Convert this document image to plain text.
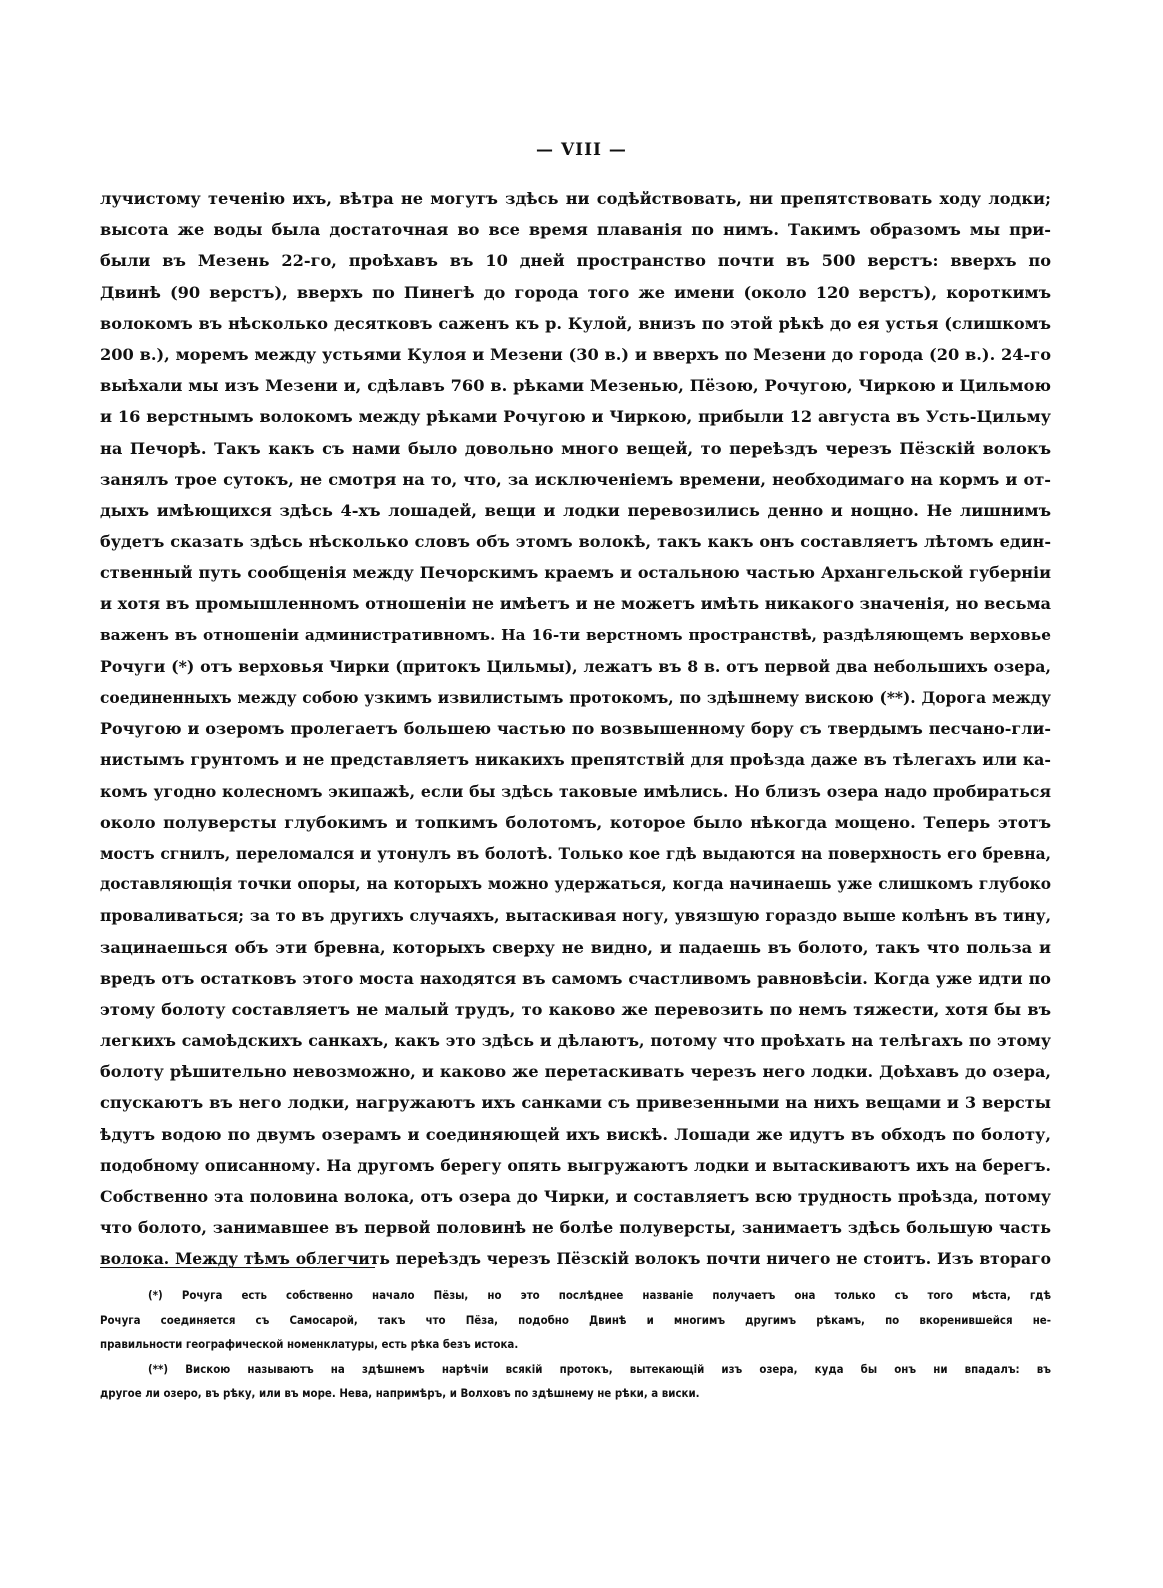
— VIII —
лучистому теченію ихъ, вѣтра не могутъ здѣсь ни содѣйствовать, ни препятствовать ходу лодки;
высота же воды была достаточная во все время плаванія по нимъ. Такимъ образомъ мы при-
были въ Мезень 22-го, проѣхавъ въ 10 дней пространство почти въ 500 верстъ: вверхъ по
Двинѣ (90 верстъ), вверхъ по Пинегѣ до города того же имени (около 120 верстъ), короткимъ
волокомъ въ нѣсколько десятковъ саженъ къ р. Кулой, внизъ по этой рѣкѣ до ея устья (слишкомъ
200 в.), моремъ между устьями Кулоя и Мезени (30 в.) и вверхъ по Мезени до города (20 в.). 24-го
выѣхали мы изъ Мезени и, сдѣлавъ 760 в. рѣками Мезенью, Пёзою, Рочугою, Чиркою и Цильмою
и 16 верстнымъ волокомъ между рѣками Рочугою и Чиркою, прибыли 12 августа въ Усть-Цильму
на Печорѣ. Такъ какъ съ нами было довольно много вещей, то переѣздъ черезъ Пёзскій волокъ
занялъ трое сутокъ, не смотря на то, что, за исключеніемъ времени, необходимаго на кормъ и от-
дыхъ имѣющихся здѣсь 4-хъ лошадей, вещи и лодки перевозились денно и нощно. Не лишнимъ
будетъ сказать здѣсь нѣсколько словъ объ этомъ волокѣ, такъ какъ онъ составляетъ лѣтомъ един-
ственный путь сообщенія между Печорскимъ краемъ и остальною частью Архангельской губерніи
и хотя въ промышленномъ отношеніи не имѣетъ и не можетъ имѣть никакого значенія, но весьма
важенъ въ отношеніи административномъ. На 16-ти верстномъ пространствѣ, раздѣляющемъ верховье
Рочуги (*) отъ верховья Чирки (притокъ Цильмы), лежатъ въ 8 в. отъ первой два небольшихъ озера,
соединенныхъ между собою узкимъ извилистымъ протокомъ, по здѣшнему вискою (**). Дорога между
Рочугою и озеромъ пролегаетъ большею частью по возвышенному бору съ твердымъ песчано-гли-
нистымъ грунтомъ и не представляетъ никакихъ препятствій для проѣзда даже въ тѣлегахъ или ка-
комъ угодно колесномъ экипажѣ, если бы здѣсь таковые имѣлись. Но близъ озера надо пробираться
около полуверсты глубокимъ и топкимъ болотомъ, которое было нѣкогда мощено. Теперь этотъ
мостъ сгнилъ, переломался и утонулъ въ болотѣ. Только кое гдѣ выдаются на поверхность его бревна,
доставляющія точки опоры, на которыхъ можно удержаться, когда начинаешь уже слишкомъ глубоко
проваливаться; за то въ другихъ случаяхъ, вытаскивая ногу, увязшую гораздо выше колѣнъ въ тину,
зацинаешься объ эти бревна, которыхъ сверху не видно, и падаешь въ болото, такъ что польза и
вредъ отъ остатковъ этого моста находятся въ самомъ счастливомъ равновѣсіи. Когда уже идти по
этому болоту составляетъ не малый трудъ, то каково же перевозить по немъ тяжести, хотя бы въ
легкихъ самоѣдскихъ санкахъ, какъ это здѣсь и дѣлаютъ, потому что проѣхать на телѣгахъ по этому
болоту рѣшительно невозможно, и каково же перетаскивать черезъ него лодки. Доѣхавъ до озера,
спускаютъ въ него лодки, нагружаютъ ихъ санками съ привезенными на нихъ вещами и 3 версты
ѣдутъ водою по двумъ озерамъ и соединяющей ихъ вискѣ. Лошади же идутъ въ обходъ по болоту,
подобному описанному. На другомъ берегу опять выгружаютъ лодки и вытаскиваютъ ихъ на берегъ.
Собственно эта половина волока, отъ озера до Чирки, и составляетъ всю трудность проѣзда, потому
что болото, занимавшее въ первой половинѣ не болѣе полуверсты, занимаетъ здѣсь большую часть
волока. Между тѣмъ облегчить переѣздъ черезъ Пёзскій волокъ почти ничего не стоитъ. Изъ втораго
(*) Рочуга есть собственно начало Пёзы, но это послѣднее названіе получаетъ она только съ того мѣста, гдѣ
Рочуга соединяется съ Самосарой, такъ что Пёза, подобно Двинѣ и многимъ другимъ рѣкамъ, по вкоренившейся не-
правильности географической номенклатуры, есть рѣка безъ истока.
(**) Вискою называютъ на здѣшнемъ нарѣчіи всякій протокъ, вытекающій изъ озера, куда бы онъ ни впадалъ: въ
другое ли озеро, въ рѣку, или въ море. Нева, напримѣръ, и Волховъ по здѣшнему не рѣки, а виски.
